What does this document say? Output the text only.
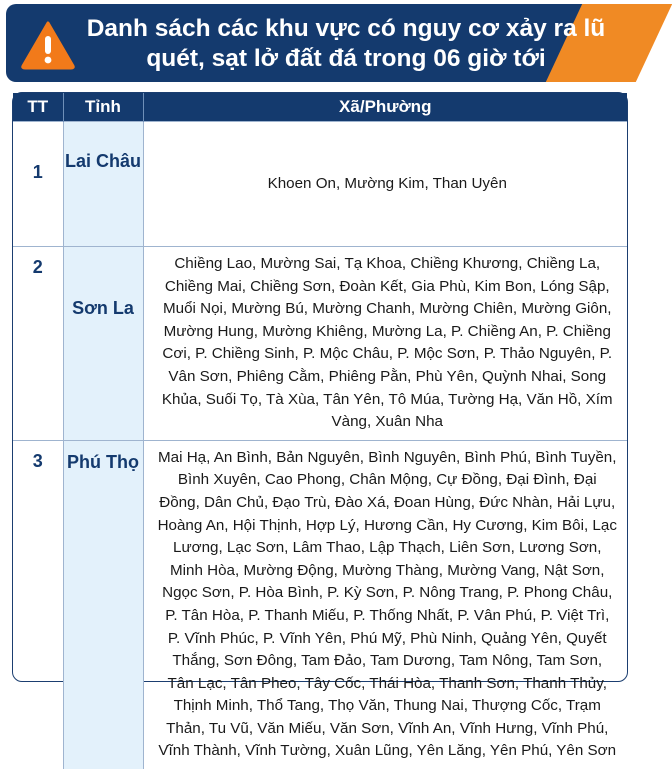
Danh sách các khu vực có nguy cơ xảy ra lũ quét, sạt lở đất đá trong 06 giờ tới
TT	Tỉnh	Xã/Phường
1	Lai Châu	Khoen On, Mường Kim, Than Uyên
2	Sơn La	Chiềng Lao, Mường Sai, Tạ Khoa, Chiềng Khương, Chiềng La, Chiềng Mai, Chiềng Sơn, Đoàn Kết, Gia Phù, Kim Bon, Lóng Sập, Muổi Nọi, Mường Bú, Mường Chanh, Mường Chiên, Mường Giôn, Mường Hung, Mường Khiêng, Mường La, P. Chiềng An, P. Chiềng Cơi, P. Chiềng Sinh, P. Mộc Châu, P. Mộc Sơn, P. Thảo Nguyên, P. Vân Sơn, Phiêng Cằm, Phiêng Pằn, Phù Yên, Quỳnh Nhai, Song Khủa, Suối Tọ, Tà Xùa, Tân Yên, Tô Múa, Tường Hạ, Văn Hồ, Xím Vàng, Xuân Nha
3	Phú Thọ	Mai Hạ, An Bình, Bản Nguyên, Bình Nguyên, Bình Phú, Bình Tuyền, Bình Xuyên, Cao Phong, Chân Mộng, Cự Đồng, Đại Đình, Đại Đồng, Dân Chủ, Đạo Trù, Đào Xá, Đoan Hùng, Đức Nhàn, Hải Lựu, Hoàng An, Hội Thịnh, Hợp Lý, Hương Cần, Hy Cương, Kim Bôi, Lạc Lương, Lạc Sơn, Lâm Thao, Lập Thạch, Liên Sơn, Lương Sơn, Minh Hòa, Mường Động, Mường Thàng, Mường Vang, Nật Sơn, Ngọc Sơn, P. Hòa Bình, P. Kỳ Sơn, P. Nông Trang, P. Phong Châu, P. Tân Hòa, P. Thanh Miếu, P. Thống Nhất, P. Vân Phú, P. Việt Trì, P. Vĩnh Phúc, P. Vĩnh Yên, Phú Mỹ, Phù Ninh, Quảng Yên, Quyết Thắng, Sơn Đông, Tam Đảo, Tam Dương, Tam Nông, Tam Sơn, Tân Lạc, Tân Pheo, Tây Cốc, Thái Hòa, Thanh Sơn, Thanh Thủy, Thịnh Minh, Thổ Tang, Thọ Văn, Thung Nai, Thượng Cốc, Trạm Thản, Tu Vũ, Văn Miếu, Văn Sơn, Vĩnh An, Vĩnh Hưng, Vĩnh Phú, Vĩnh Thành, Vĩnh Tường, Xuân Lũng, Yên Lăng, Yên Phú, Yên Sơn
